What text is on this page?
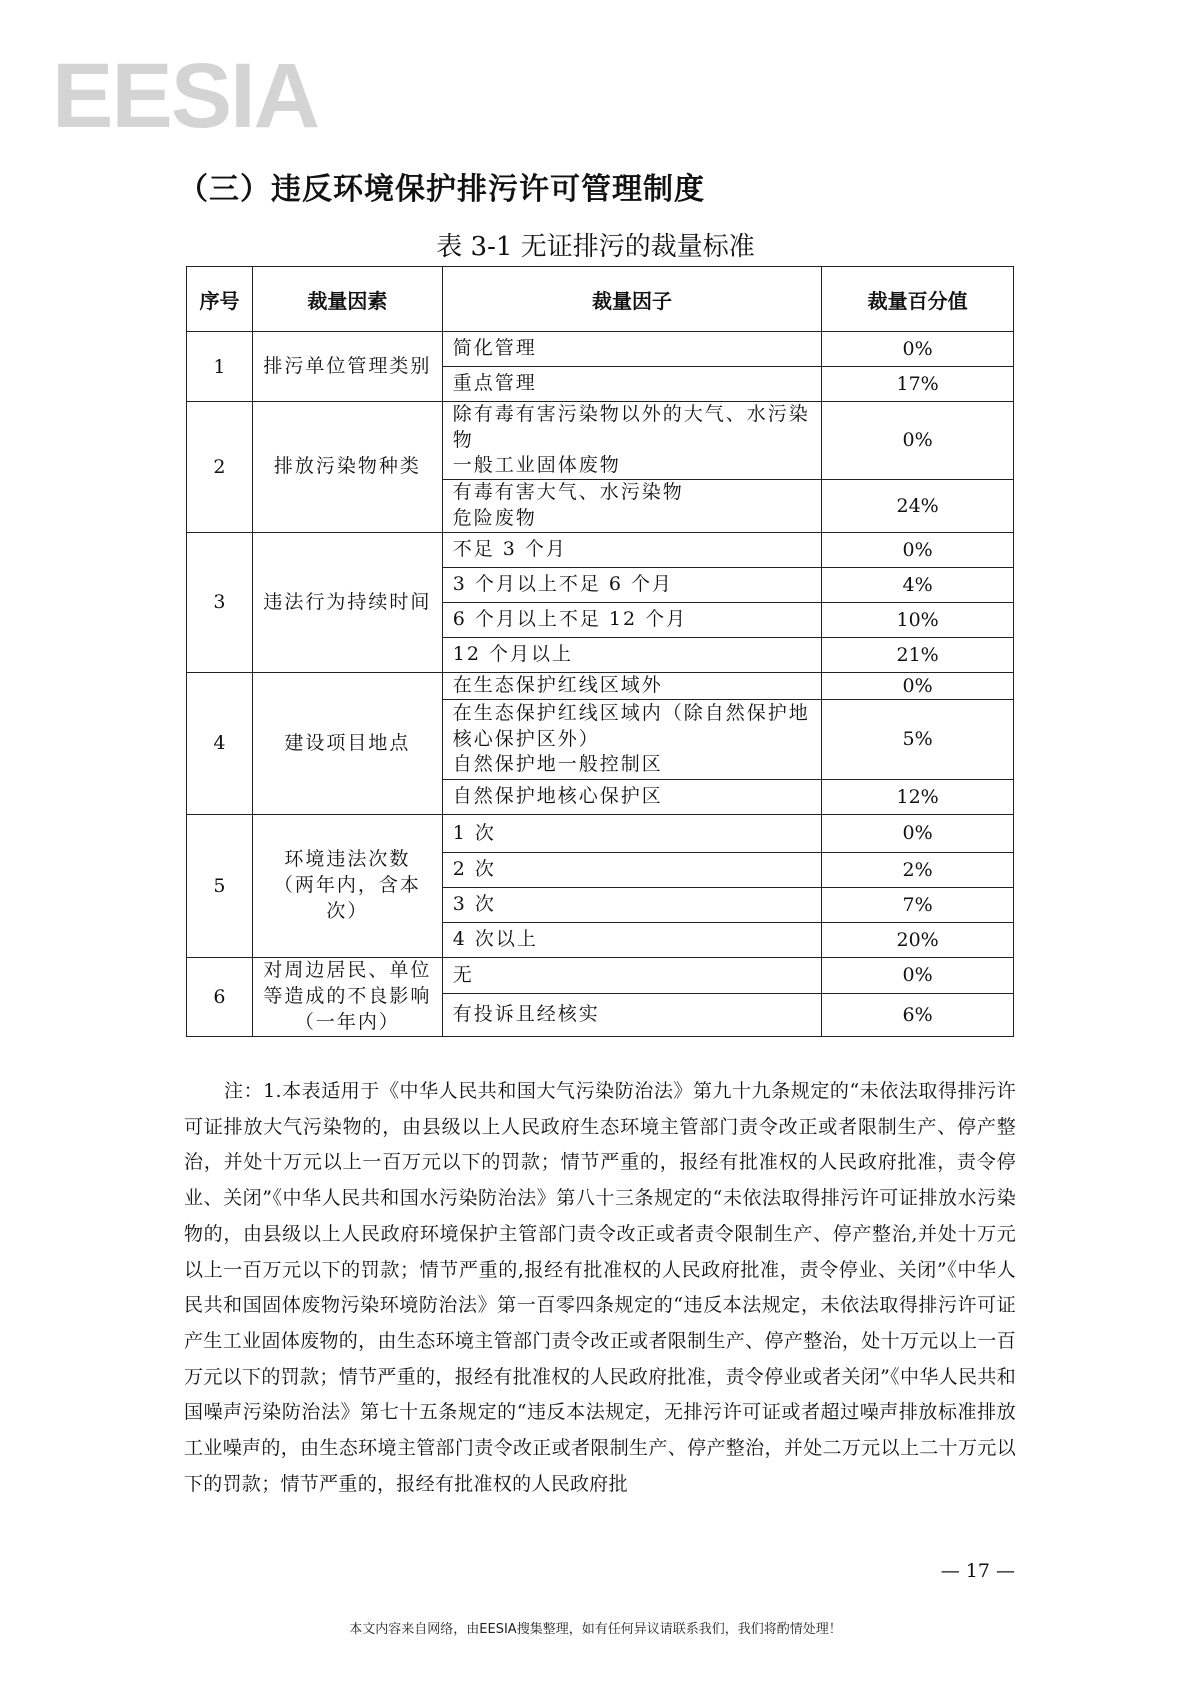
EESIA
（三）违反环境保护排污许可管理制度
表 3-1 无证排污的裁量标准
序号	裁量因素	裁量因子	裁量百分值
1	排污单位管理类别	简化管理	0%
		重点管理	17%
2	排放污染物种类	除有毒有害污染物以外的大气、水污染物
一般工业固体废物	0%
		有毒有害大气、水污染物
危险废物	24%
3	违法行为持续时间	不足 3 个月	0%
		3 个月以上不足 6 个月	4%
		6 个月以上不足 12 个月	10%
		12 个月以上	21%
4	建设项目地点	在生态保护红线区域外	0%
		在生态保护红线区域内（除自然保护地核心保护区外）
自然保护地一般控制区	5%
		自然保护地核心保护区	12%
5	环境违法次数
（两年内，含本次）	1 次	0%
		2 次	2%
		3 次	7%
		4 次以上	20%
6	对周边居民、单位等造成的不良影响（一年内）	无	0%
		有投诉且经核实	6%
注：1.本表适用于《中华人民共和国大气污染防治法》第九十九条规定的“未依法取得排污许可证排放大气污染物的，由县级以上人民政府生态环境主管部门责令改正或者限制生产、停产整治，并处十万元以上一百万元以下的罚款；情节严重的，报经有批准权的人民政府批准，责令停业、关闭”《中华人民共和国水污染防治法》第八十三条规定的“未依法取得排污许可证排放水污染物的，由县级以上人民政府环境保护主管部门责令改正或者责令限制生产、停产整治,并处十万元以上一百万元以下的罚款；情节严重的,报经有批准权的人民政府批准，责令停业、关闭”《中华人民共和国固体废物污染环境防治法》第一百零四条规定的“违反本法规定，未依法取得排污许可证产生工业固体废物的，由生态环境主管部门责令改正或者限制生产、停产整治，处十万元以上一百万元以下的罚款；情节严重的，报经有批准权的人民政府批准，责令停业或者关闭”《中华人民共和国噪声污染防治法》第七十五条规定的“违反本法规定，无排污许可证或者超过噪声排放标准排放工业噪声的，由生态环境主管部门责令改正或者限制生产、停产整治，并处二万元以上二十万元以下的罚款；情节严重的，报经有批准权的人民政府批
— 17 —
本文内容来自网络，由EESIA搜集整理，如有任何异议请联系我们，我们将酌情处理！
